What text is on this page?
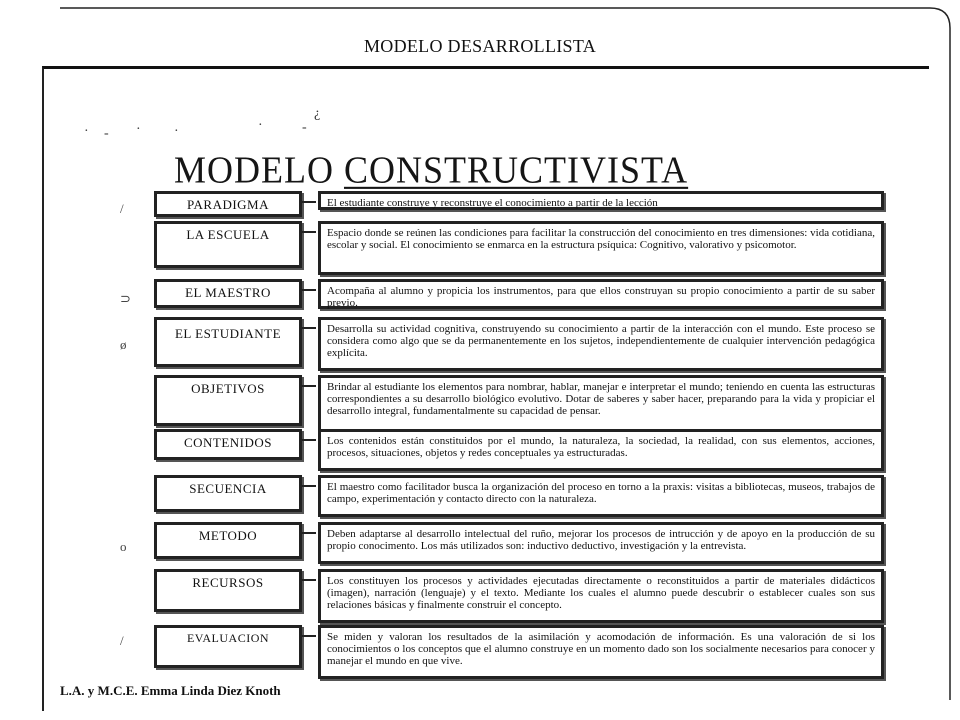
MODELO DESARROLLISTA
· - · ·	·	-
¿
MODELO CONSTRUCTIVISTA
/
⊃
ø
o
/
PARADIGMA	El estudiante construye y reconstruye el conocimiento a partir de la lección
LA ESCUELA	Espacio donde se reúnen las condiciones para facilitar la construcción del conocimiento en tres dimensiones: vida cotidiana, escolar y social. El conocimiento se enmarca en la estructura psíquica: Cognitivo, valorativo y psicomotor.
EL MAESTRO	Acompaña al alumno y propicia los instrumentos, para que ellos construyan su propio conocimiento a partir de su saber previo.
EL ESTUDIANTE	Desarrolla su actividad cognitiva, construyendo su conocimiento a partir de la interacción con el mundo. Este proceso se considera como algo que se da permanentemente en los sujetos, independientemente de cualquier intervención pedagógica explícita.
OBJETIVOS	Brindar al estudiante los elementos para nombrar, hablar, manejar e interpretar el mundo; teniendo en cuenta las estructuras correspondientes a su desarrollo biológico evolutivo. Dotar de saberes y saber hacer, preparando para la vida y propiciar el desarrollo integral, fundamentalmente su capacidad de pensar.
CONTENIDOS	Los contenidos están constituidos por el mundo, la naturaleza, la sociedad, la realidad, con sus elementos, acciones, procesos, situaciones, objetos y redes conceptuales ya estructuradas.
SECUENCIA	El maestro como facilitador busca la organización del proceso en torno a la praxis: visitas a bibliotecas, museos, trabajos de campo, experimentación y contacto directo con la naturaleza.
METODO	Deben adaptarse al desarrollo intelectual del ruño, mejorar los procesos de intrucción y de apoyo en la producción de su propio conocimento. Los más utilizados son: inductivo deductivo, investigación y la entrevista.
RECURSOS	Los constituyen los procesos y actividades ejecutadas directamente o reconstituidos a partir de materiales didácticos (imagen), narración (lenguaje) y el texto. Mediante los cuales el alumno puede descubrir o establecer cuales son sus relaciones básicas y finalmente construir el concepto.
EVALUACION	Se miden y valoran los resultados de la asimilación y acomodación de información. Es una valoración de si los conocimientos o los conceptos que el alumno construye en un momento dado son los socialmente necesarios para conocer y manejar el mundo en que vive.
L.A. y M.C.E. Emma Linda Diez Knoth
